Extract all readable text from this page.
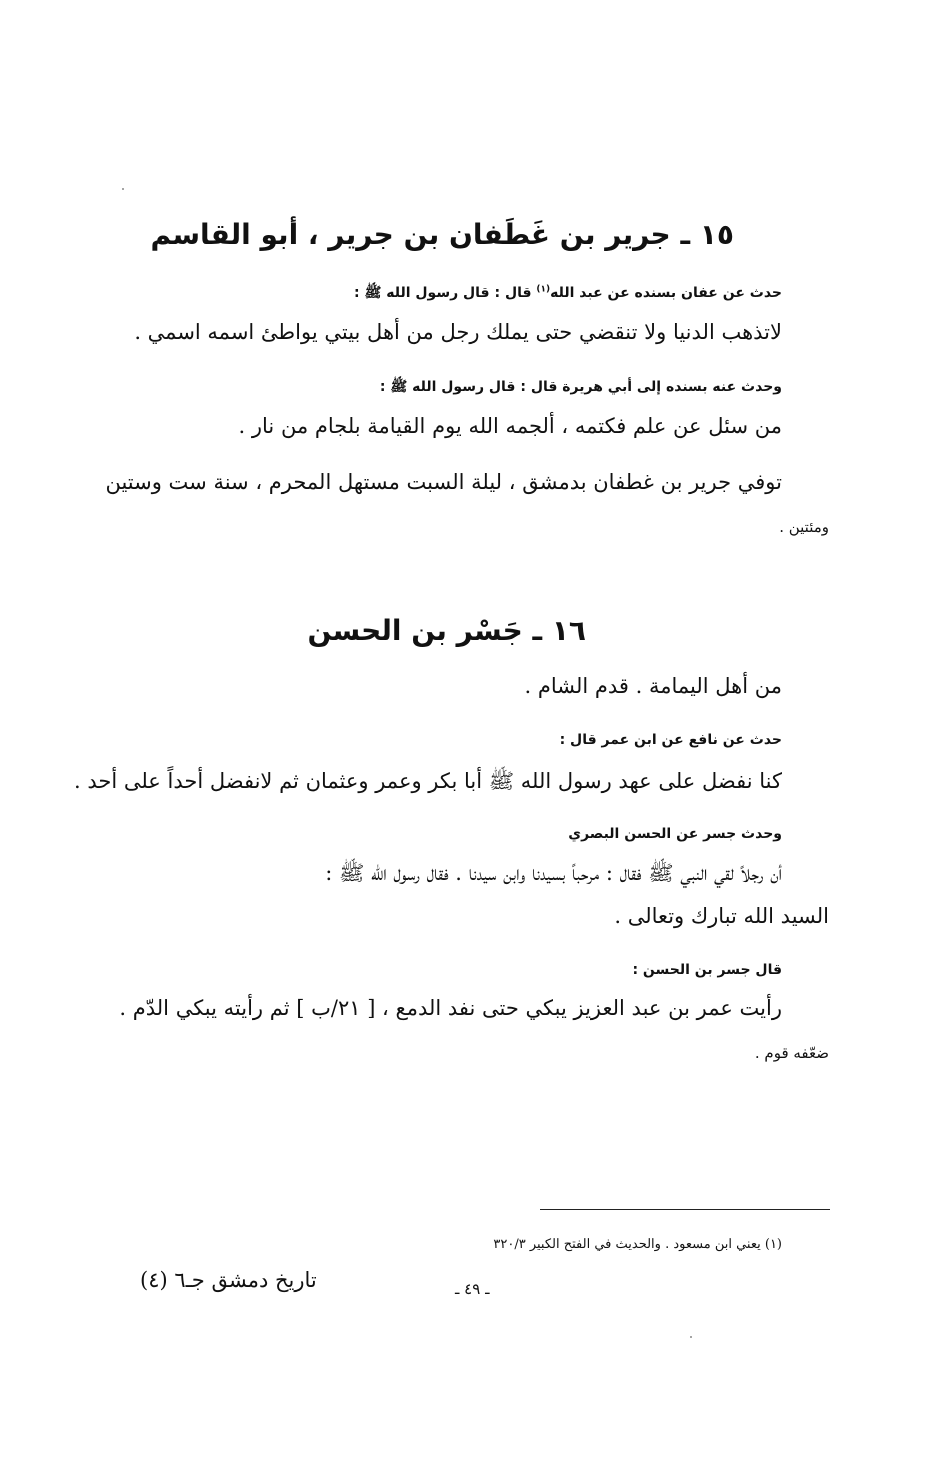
١٥ ـ جرير بن غَطَفان بن جرير ، أبو القاسم
حدث عن عفان بسنده عن عبد الله$^{(١)}$ قال : قال رسول الله ﷺ :
لاتذهب الدنيا ولا تنقضي حتى يملك رجل من أهل بيتي يواطئ اسمه اسمي .
وحدث عنه بسنده إلى أبي هريرة قال : قال رسول الله ﷺ :
من سئل عن علم فكتمه ، ألجمه الله يوم القيامة بلجام من نار .
توفي جرير بن غطفان بدمشق ، ليلة السبت مستهل المحرم ، سنة ست وستين
ومئتين .
١٦ ـ جَسْر بن الحسن
من أهل اليمامة . قدم الشام .
حدث عن نافع عن ابن عمر قال :
كنا نفضل على عهد رسول الله ﷺ أبا بكر وعمر وعثمان ثم لانفضل أحداً على أحد .
وحدث جسر عن الحسن البصري
أن رجلاً لقي النبي ﷺ فقال : مرحباً بسيدنا وابن سيدنا . فقال رسول الله ﷺ :
السيد الله تبارك وتعالى .
قال جسر بن الحسن :
رأيت عمر بن عبد العزيز يبكي حتى نفد الدمع ، [ ٢١/ب ] ثم رأيته يبكي الدّم .
ضعّفه قوم .
(١) يعني ابن مسعود . والحديث في الفتح الكبير ٣٢٠/٣
ـ ٤٩ ـ
تاريخ دمشق جـ٦ (٤)
